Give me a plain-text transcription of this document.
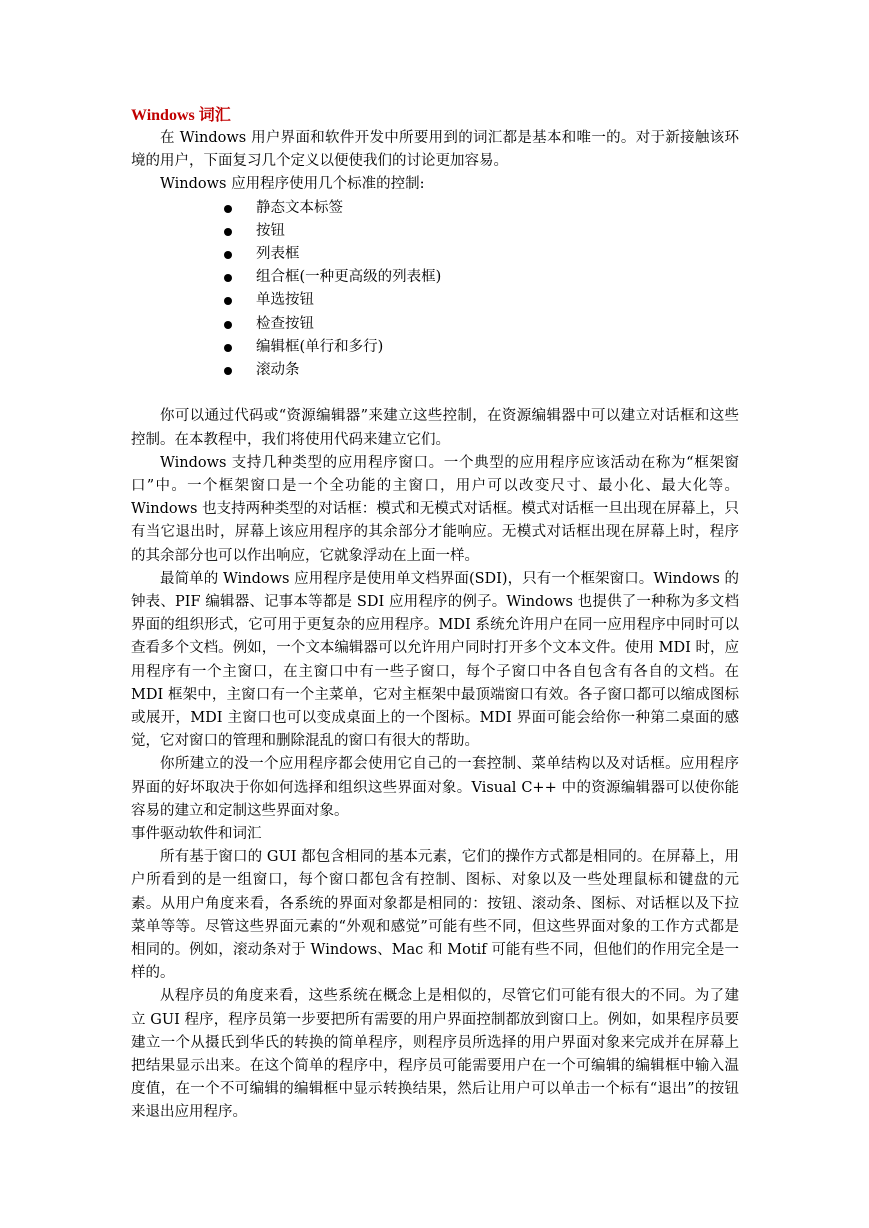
Windows 词汇

在 Windows 用户界面和软件开发中所要用到的词汇都是基本和唯一的。对于新接触该环境的用户，下面复习几个定义以便使我们的讨论更加容易。

Windows 应用程序使用几个标准的控制:

静态文本标签
按钮
列表框
组合框(一种更高级的列表框)
单选按钮
检查按钮
编辑框(单行和多行)
滚动条

你可以通过代码或“资源编辑器”来建立这些控制，在资源编辑器中可以建立对话框和这些控制。在本教程中，我们将使用代码来建立它们。

Windows 支持几种类型的应用程序窗口。一个典型的应用程序应该活动在称为“框架窗口”中。一个框架窗口是一个全功能的主窗口，用户可以改变尺寸、最小化、最大化等。Windows 也支持两种类型的对话框：模式和无模式对话框。模式对话框一旦出现在屏幕上，只有当它退出时，屏幕上该应用程序的其余部分才能响应。无模式对话框出现在屏幕上时，程序的其余部分也可以作出响应，它就象浮动在上面一样。

最简单的 Windows 应用程序是使用单文档界面(SDI)，只有一个框架窗口。Windows 的钟表、PIF 编辑器、记事本等都是 SDI 应用程序的例子。Windows 也提供了一种称为多文档界面的组织形式，它可用于更复杂的应用程序。MDI 系统允许用户在同一应用程序中同时可以查看多个文档。例如，一个文本编辑器可以允许用户同时打开多个文本文件。使用 MDI 时，应用程序有一个主窗口，在主窗口中有一些子窗口，每个子窗口中各自包含有各自的文档。在 MDI 框架中，主窗口有一个主菜单，它对主框架中最顶端窗口有效。各子窗口都可以缩成图标或展开，MDI 主窗口也可以变成桌面上的一个图标。MDI 界面可能会给你一种第二桌面的感觉，它对窗口的管理和删除混乱的窗口有很大的帮助。

你所建立的没一个应用程序都会使用它自己的一套控制、菜单结构以及对话框。应用程序界面的好坏取决于你如何选择和组织这些界面对象。Visual C++ 中的资源编辑器可以使你能容易的建立和定制这些界面对象。

事件驱动软件和词汇

所有基于窗口的 GUI 都包含相同的基本元素，它们的操作方式都是相同的。在屏幕上，用户所看到的是一组窗口，每个窗口都包含有控制、图标、对象以及一些处理鼠标和键盘的元素。从用户角度来看，各系统的界面对象都是相同的：按钮、滚动条、图标、对话框以及下拉菜单等等。尽管这些界面元素的“外观和感觉”可能有些不同，但这些界面对象的工作方式都是相同的。例如，滚动条对于 Windows、Mac 和 Motif 可能有些不同，但他们的作用完全是一样的。

从程序员的角度来看，这些系统在概念上是相似的，尽管它们可能有很大的不同。为了建立 GUI 程序，程序员第一步要把所有需要的用户界面控制都放到窗口上。例如，如果程序员要建立一个从摄氏到华氏的转换的简单程序，则程序员所选择的用户界面对象来完成并在屏幕上把结果显示出来。在这个简单的程序中，程序员可能需要用户在一个可编辑的编辑框中输入温度值，在一个不可编辑的编辑框中显示转换结果，然后让用户可以单击一个标有“退出”的按钮来退出应用程序。
